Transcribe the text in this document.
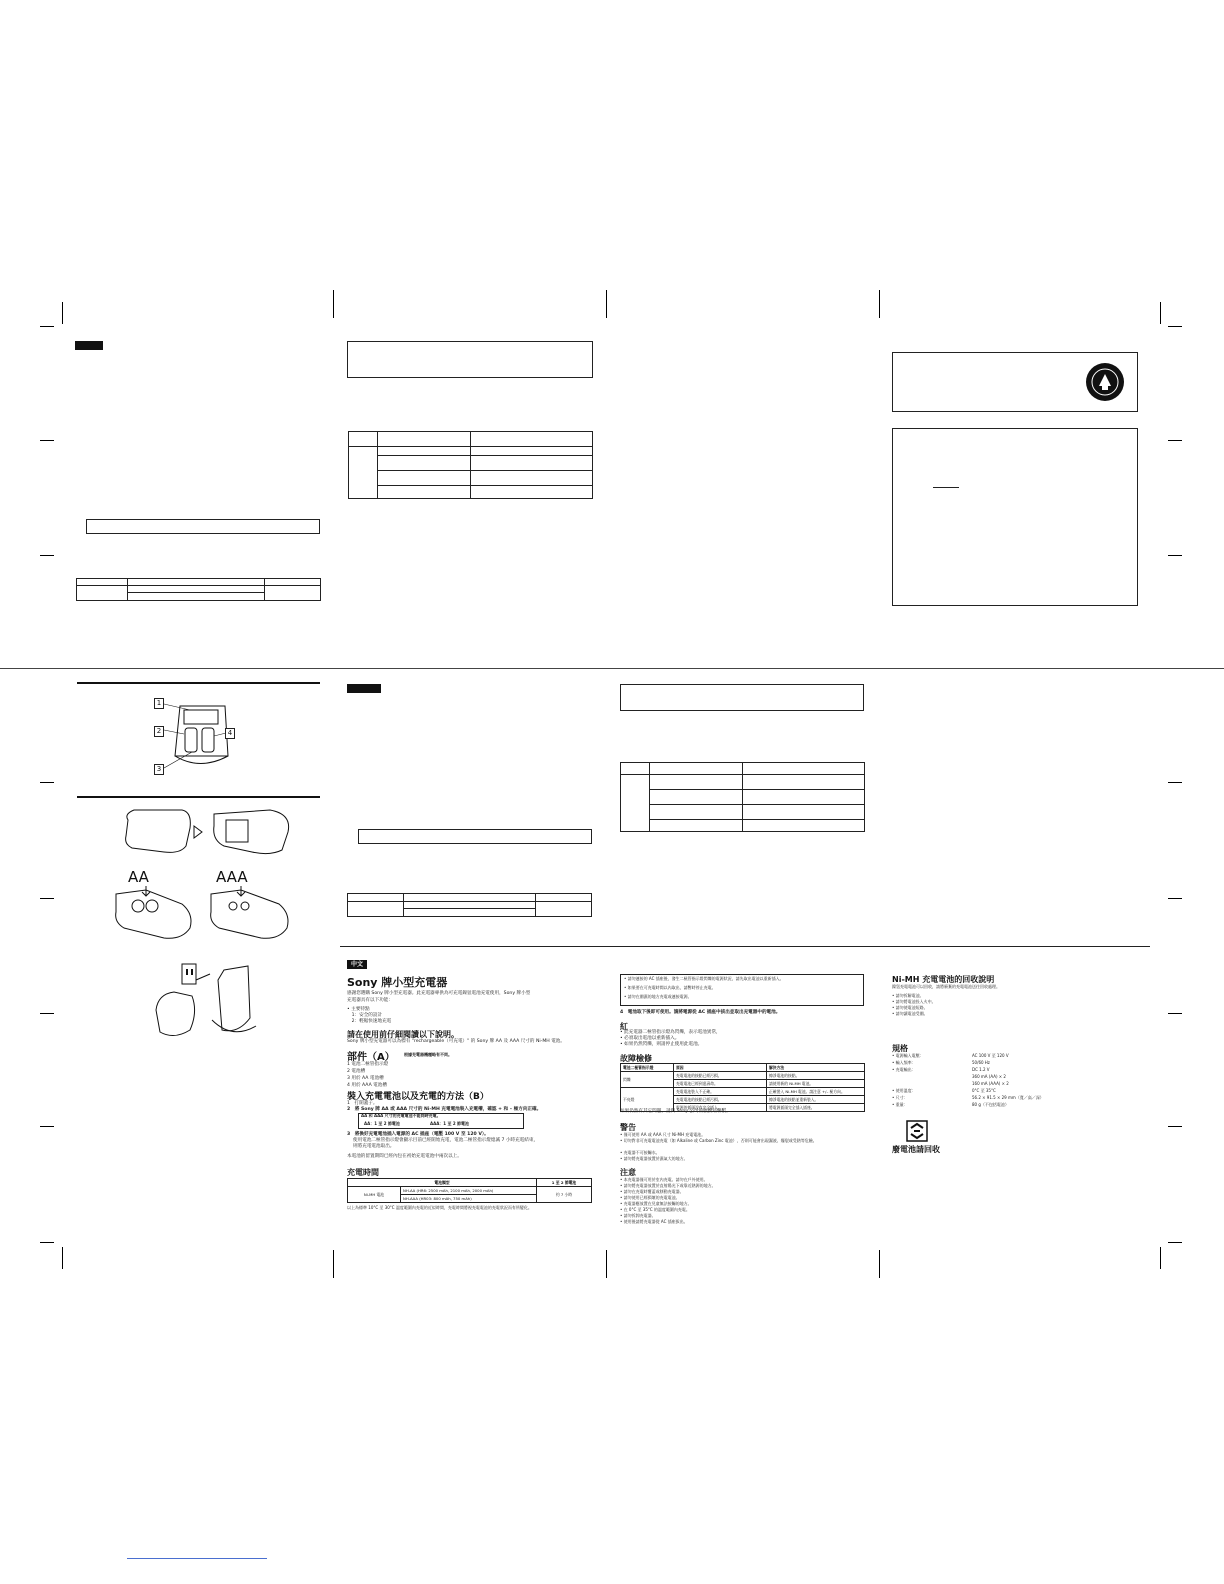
1
2
3
4
AA	AAA

中文
Sony 牌小型充電器
感謝您選購 Sony 牌小型充電器。此充電器專供為可充電鎳氫電池充電使用，Sony 牌小型
充電器具有以下功能：
• 主要特點
　1：安全的設計
　2：輕鬆快速地充電
請在使用前仔細閱讀以下說明。
Sony 牌小型充電器可以為標有 "rechargeable（可充電）" 的 Sony 牌 AA 及 AAA 尺寸的 Ni-MH 電池。
部件（A） 根據充電器機種略有不同。
1 電池二極管指示燈
2 電池槽
3 用於 AA 電池槽
4 用於 AAA 電池槽
裝入充電電池以及充電的方法（B）
1　打開蓋子。
2　將 Sony 牌 AA 或 AAA 尺寸的 Ni-MH 充電電池裝入充電槽，確認 + 和 – 極方向正確。
AA 和 AAA 尺寸的充電電池不能同時充電。
AA：1 至 2 節電池	AAA：1 至 2 節電池
3　將換好充電電池插入電源的 AC 插座（電壓 100 V 至 120 V）。
　 使用電池二極管指示燈會顯示目前已經開始充電，電池二極管指示燈熄滅 7 小時充電結束，
　 則將充電電池取出。
本電池的留置期間已經內包在初始充電電池中兩次以上。
充電時間
電池類型		1 至 2 節電池
Ni-MH 電池	NH-AA (HR6: 2500 mAh, 2100 mAh, 2000 mAh)	約 7 小時
	NH-AAA (HR03: 800 mAh, 750 mAh)	
以上為標準 10°C 至 30°C 溫度範圍內充電的近似時間，充電時間將視充電電池的充電狀況而有所變化。
• 請勿連接的 AC 插座後，發生二極管指示燈閃爍的電源狀況，請先取出電池以重新插入。
• 如果要在可充電時間以內取出，請暫時停止充電。
• 請勿在潮濕的地方充電或連接電源。
4　電池取下後即可使用。請將電源從 AC 插座中拔出並取出充電器中的電池。
紅
• 此充電器二極管指示燈為閃爍，表示電池異常，
• 必須取出電池以重新插入。
• 如果仍然閃爍，則請停止使用此電池。
故障檢修
電池二極管指示燈	原因	解決方法
閃爍	充電電池的接點已經污損。	擦淨電池的接點。
	充電電池已經到達壽命。	請使用新的 Ni-MH 電池。
不亮燈	充電電池裝入不正確。	正確裝入 Ni-MH 電池。請注意 +/– 極方向。
	充電電池的接點已經污損。	擦淨電池的接點並重新裝入。
	電源的插頭沒有完全插入。	將電源插頭完全插入插座。
如果仍然有其它問題，請與 Sony 公司的服務站聯繫。
警告
• 僅可使用 AA 或 AAA 尺寸 Ni-MH 充電電池。
• 切勿對非可充電電池充電（如 Alkaline 或 Carbon Zinc 電池），否則可能會出現漏液、爆裂或受熱等危險。
• 充電器不可接觸水。
• 請勿將充電器放置於濕氣大的地方。
注意
• 本充電器僅可用於室內充電。請勿在戶外使用。
• 請勿將充電器放置於直射陽光下或靠近熱源的地方。
• 請勿在充電時覆蓋或移動充電器。
• 請勿使用已經損壞的充電電池。
• 充電器應放置在兒童無法接觸的地方。
• 在 0°C 至 35°C 的溫度範圍內充電。
• 請勿拆卸充電器。
• 使用後請將充電器從 AC 插座拔出。
Ni-MH 充電電池的回收說明
鎳氫充電電池可以回收，請將廢棄的充電電池送往回收處理。
• 請勿拆解電池。
• 請勿將電池投入火中。
• 請勿使電池短路。
• 請勿讓電池受潮。
規格
• 電源輸入電壓：	AC 100 V 至 120 V
• 輸入頻率：	50/60 Hz
• 充電輸出：	DC 1.2 V
360 mA (AA) × 2
160 mA (AAA) × 2
• 使用溫度：	0°C 至 35°C
• 尺寸：	56.2 × 91.5 × 29 mm（寬／高／深）
• 重量：	80 g（不包括電池）
廢電池請回收
